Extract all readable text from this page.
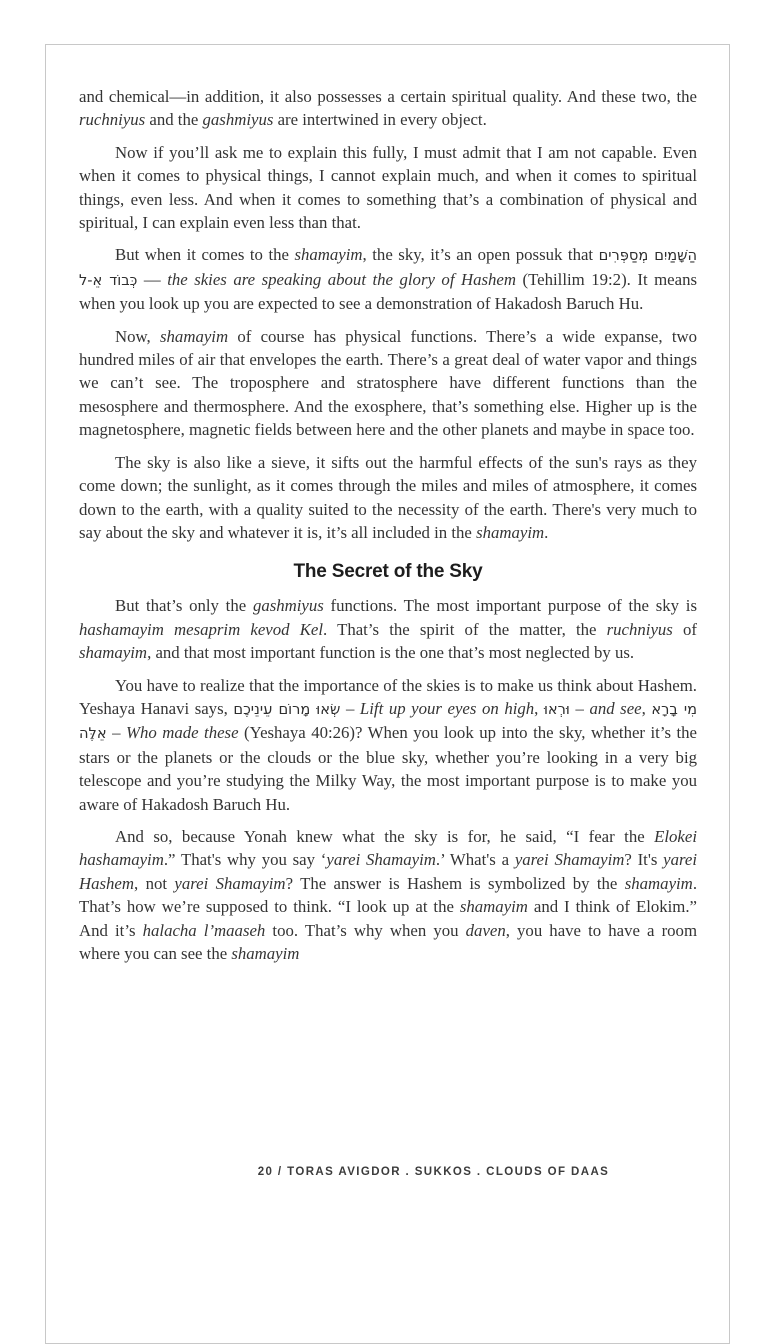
and chemical—in addition, it also possesses a certain spiritual quality. And these two, the ruchniyus and the gashmiyus are intertwined in every object.

Now if you’ll ask me to explain this fully, I must admit that I am not capable. Even when it comes to physical things, I cannot explain much, and when it comes to spiritual things, even less. And when it comes to something that’s a combination of physical and spiritual, I can explain even less than that.

But when it comes to the shamayim, the sky, it’s an open possuk that הַשָּׁמַיִם מְסַפְּרִים כְּבוֹד אֵ-ל — the skies are speaking about the glory of Hashem (Tehillim 19:2). It means when you look up you are expected to see a demonstration of Hakadosh Baruch Hu.

Now, shamayim of course has physical functions. There’s a wide expanse, two hundred miles of air that envelopes the earth. There’s a great deal of water vapor and things we can’t see. The troposphere and stratosphere have different functions than the mesosphere and thermosphere. And the exosphere, that’s something else. Higher up is the magnetosphere, magnetic fields between here and the other planets and maybe in space too.

The sky is also like a sieve, it sifts out the harmful effects of the sun's rays as they come down; the sunlight, as it comes through the miles and miles of atmosphere, it comes down to the earth, with a quality suited to the necessity of the earth. There's very much to say about the sky and whatever it is, it’s all included in the shamayim.

The Secret of the Sky

But that’s only the gashmiyus functions. The most important purpose of the sky is hashamayim mesaprim kevod Kel. That’s the spirit of the matter, the ruchniyus of shamayim, and that most important function is the one that’s most neglected by us.

You have to realize that the importance of the skies is to make us think about Hashem. Yeshaya Hanavi says, שְׂאוּ מָרוֹם עֵינֵיכֶם – Lift up your eyes on high, וּרְאוּ – and see, מִי בָרָא אֵלֶּה – Who made these (Yeshaya 40:26)? When you look up into the sky, whether it’s the stars or the planets or the clouds or the blue sky, whether you’re looking in a very big telescope and you’re studying the Milky Way, the most important purpose is to make you aware of Hakadosh Baruch Hu.

And so, because Yonah knew what the sky is for, he said, “I fear the Elokei hashamayim.” That's why you say ‘yarei Shamayim.’ What's a yarei Shamayim? It's yarei Hashem, not yarei Shamayim? The answer is Hashem is symbolized by the shamayim. That’s how we’re supposed to think. “I look up at the shamayim and I think of Elokim.” And it’s halacha l’maaseh too. That’s why when you daven, you have to have a room where you can see the shamayim

20 / TORAS AVIGDOR . SUKKOS . CLOUDS OF DAAS
